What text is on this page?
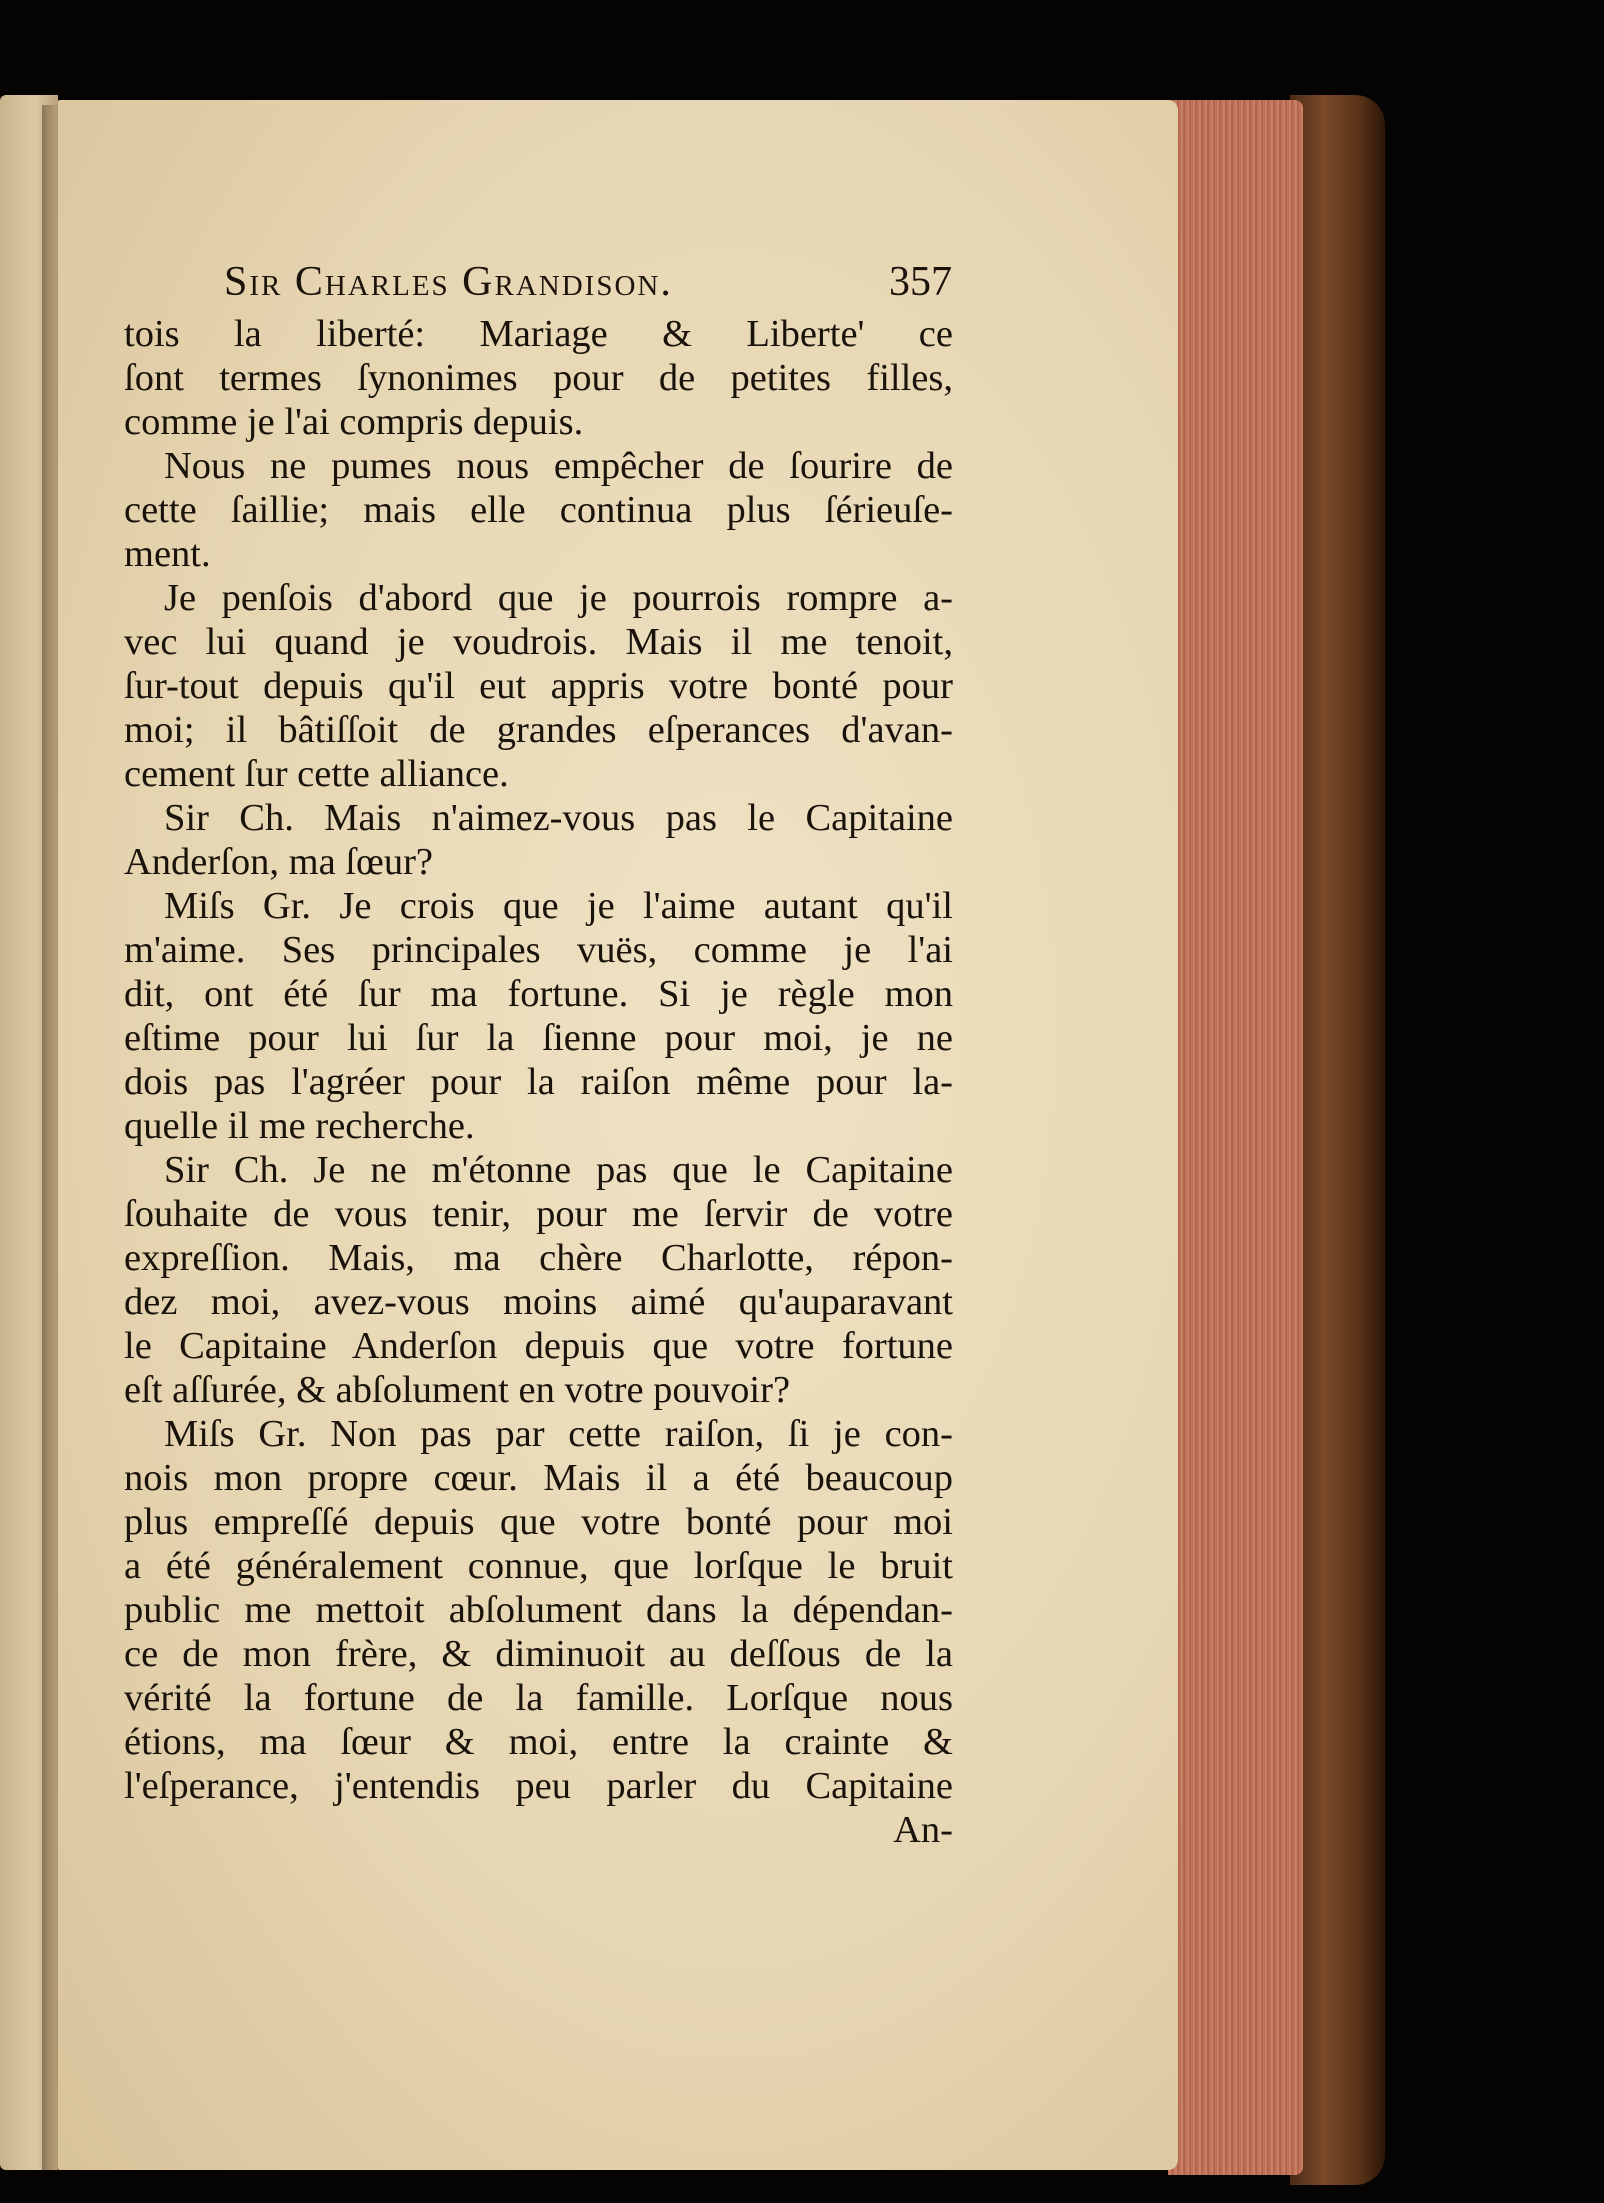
Sir Charles Grandison.	357
tois la liberté: Mariage & Liberte' ce
ſont termes ſynonimes pour de petites filles,
comme je l'ai compris depuis.
Nous ne pumes nous empêcher de ſourire de
cette ſaillie; mais elle continua plus ſérieuſe-
ment.
Je penſois d'abord que je pourrois rompre a-
vec lui quand je voudrois. Mais il me tenoit,
ſur-tout depuis qu'il eut appris votre bonté pour
moi; il bâtiſſoit de grandes eſperances d'avan-
cement ſur cette alliance.
Sir Ch. Mais n'aimez-vous pas le Capitaine
Anderſon, ma ſœur?
Miſs Gr. Je crois que je l'aime autant qu'il
m'aime. Ses principales vuës, comme je l'ai
dit, ont été ſur ma fortune. Si je règle mon
eſtime pour lui ſur la ſienne pour moi, je ne
dois pas l'agréer pour la raiſon même pour la-
quelle il me recherche.
Sir Ch. Je ne m'étonne pas que le Capitaine
ſouhaite de vous tenir, pour me ſervir de votre
expreſſion. Mais, ma chère Charlotte, répon-
dez moi, avez-vous moins aimé qu'auparavant
le Capitaine Anderſon depuis que votre fortune
eſt aſſurée, & abſolument en votre pouvoir?
Miſs Gr. Non pas par cette raiſon, ſi je con-
nois mon propre cœur. Mais il a été beaucoup
plus empreſſé depuis que votre bonté pour moi
a été généralement connue, que lorſque le bruit
public me mettoit abſolument dans la dépendan-
ce de mon frère, & diminuoit au deſſous de la
vérité la fortune de la famille. Lorſque nous
étions, ma ſœur & moi, entre la crainte &
l'eſperance, j'entendis peu parler du Capitaine
An-
